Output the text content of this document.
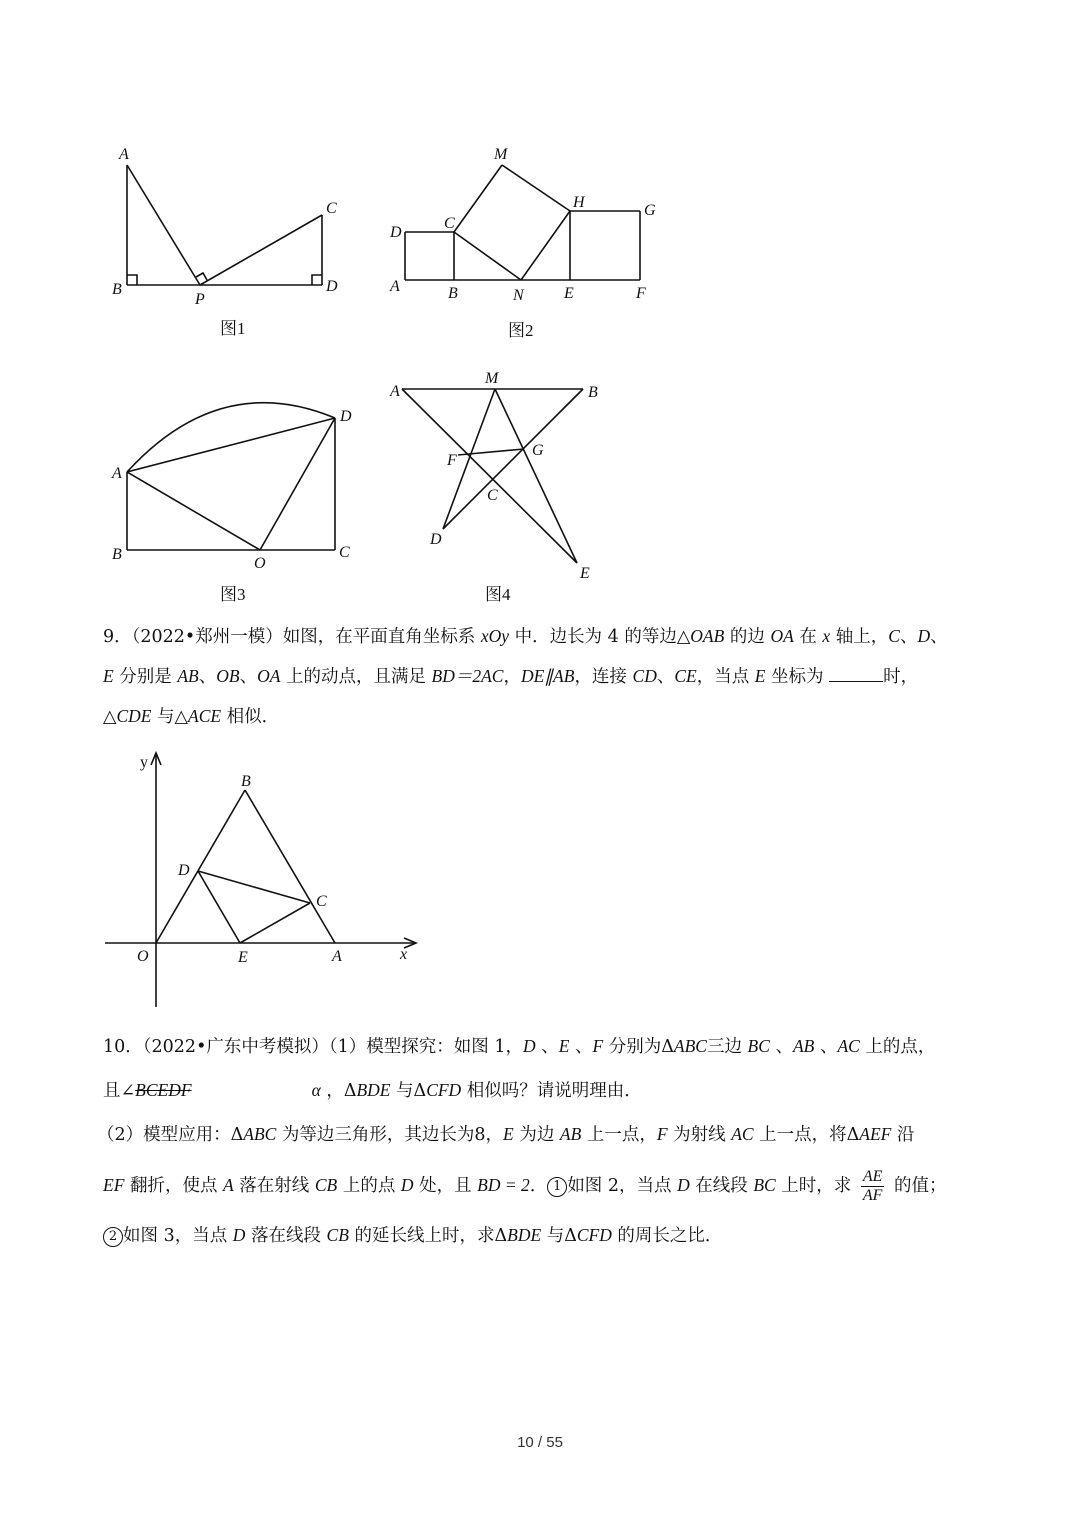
A
B
P
D
C
图1
M
D
C
H	G
A	B	N	E	F
图2
A
D
B
O
C
图3
A
M
B
F
G
C
D
E
图4
9．（2022•郑州一模）如图，在平面直角坐标系 xOy 中．边长为 4 的等边△OAB 的边 OA 在 x 轴上，C、D、
E 分别是 AB、OB、OA 上的动点，且满足 BD＝2AC，DE∥AB，连接 CD、CE，当点 E 坐标为	时，
△CDE 与△ACE 相似．
y
x
O	A
E
B
D
C
10．（2022•广东中考模拟）（1）模型探究：如图 1，D 、E 、F 分别为ΔABC三边 BC 、AB 、AC 上的点，
且∠BCEDF	α ，ΔBDE 与ΔCFD 相似吗？请说明理由．
（2）模型应用：ΔABC 为等边三角形，其边长为8，E 为边 AB 上一点，F 为射线 AC 上一点，将ΔAEF 沿
EF 翻折，使点 A 落在射线 CB 上的点 D 处，且 BD = 2． 1 如图 2，当点 D 在线段 BC 上时，求 $\frac{AE}{AF}$ 的值；
2 如图 3，当点 D 落在线段 CB 的延长线上时，求ΔBDE 与ΔCFD 的周长之比．
10 / 55
